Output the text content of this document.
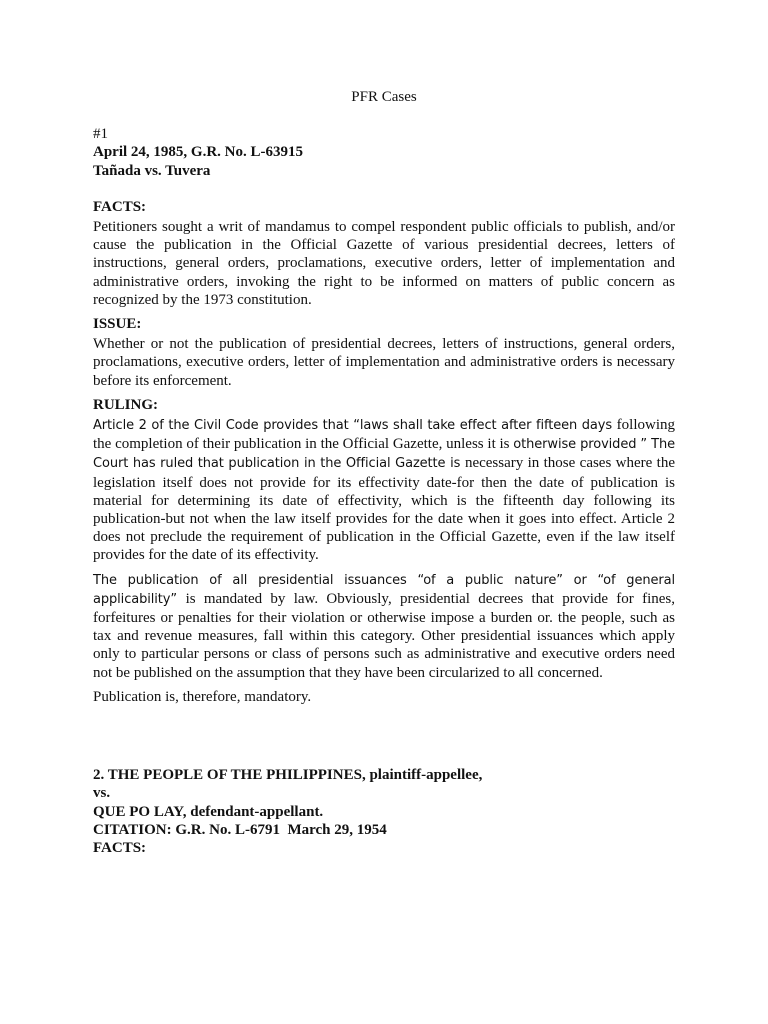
PFR Cases
#1
April 24, 1985, G.R. No. L-63915
Tañada vs. Tuvera
FACTS:

Petitioners sought a writ of mandamus to compel respondent public officials to publish, and/or cause the publication in the Official Gazette of various presidential decrees, letters of instructions, general orders, proclamations, executive orders, letter of implementation and administrative orders, invoking the right to be informed on matters of public concern as recognized by the 1973 constitution.

ISSUE:

Whether or not the publication of presidential decrees, letters of instructions, general orders, proclamations, executive orders, letter of implementation and administrative orders is necessary before its enforcement.

RULING:

Article 2 of the Civil Code provides that “laws shall take effect after fifteen days following the completion of their publication in the Official Gazette, unless it is otherwise provided ” The Court has ruled that publication in the Official Gazette is necessary in those cases where the legislation itself does not provide for its effectivity date-for then the date of publication is material for determining its date of effectivity, which is the fifteenth day following its publication-but not when the law itself provides for the date when it goes into effect. Article 2 does not preclude the requirement of publication in the Official Gazette, even if the law itself provides for the date of its effectivity.

The publication of all presidential issuances “of a public nature” or “of general applicability” is mandated by law. Obviously, presidential decrees that provide for fines, forfeitures or penalties for their violation or otherwise impose a burden or. the people, such as tax and revenue measures, fall within this category. Other presidential issuances which apply only to particular persons or class of persons such as administrative and executive orders need not be published on the assumption that they have been circularized to all concerned.

Publication is, therefore, mandatory.

2. THE PEOPLE OF THE PHILIPPINES, plaintiff-appellee,
vs.
QUE PO LAY, defendant-appellant.
CITATION: G.R. No. L-6791  March 29, 1954
FACTS:
